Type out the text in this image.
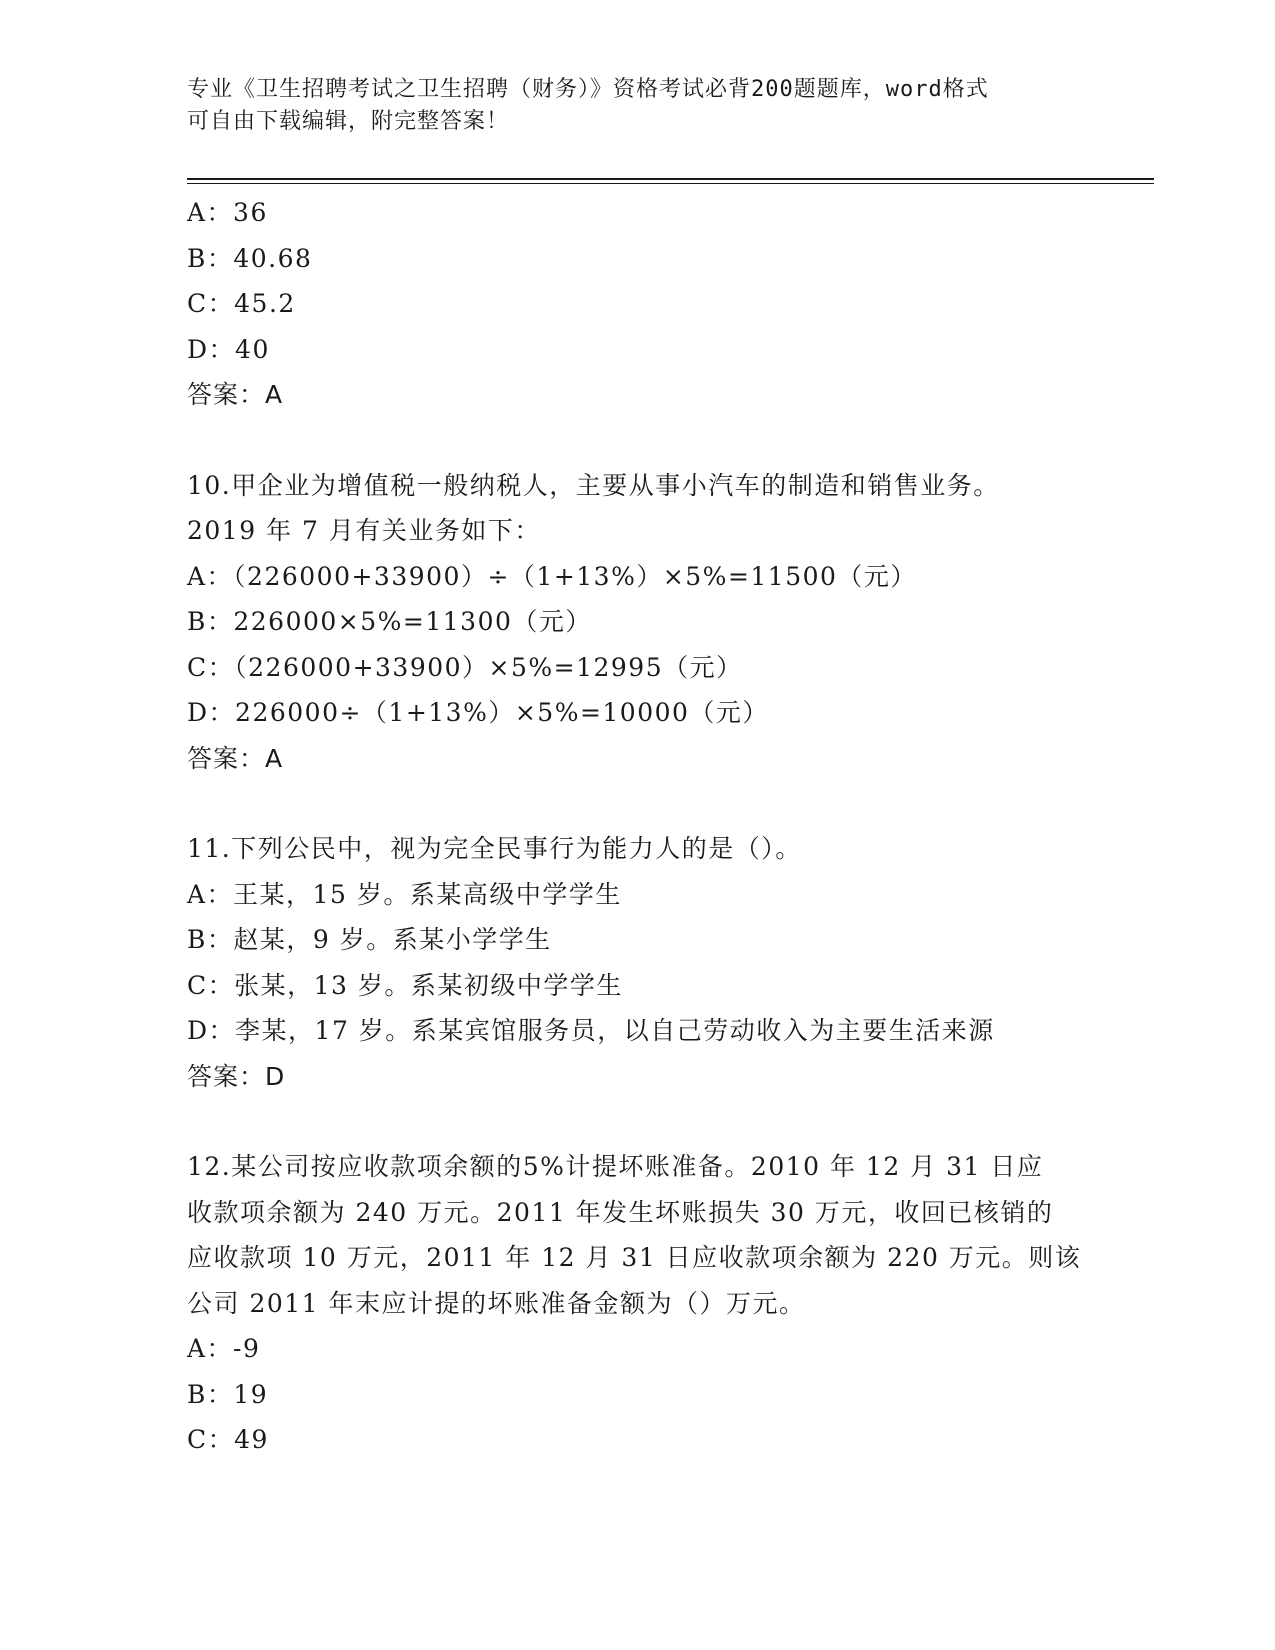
专业《卫生招聘考试之卫生招聘（财务）》资格考试必背200题题库，word格式
可自由下载编辑，附完整答案！
A：36
B：40.68
C：45.2
D：40
答案：A
10.甲企业为增值税一般纳税人，主要从事小汽车的制造和销售业务。
2019 年 7 月有关业务如下：
A：（226000+33900）÷（1+13%）×5%=11500（元）
B：226000×5%=11300（元）
C：（226000+33900）×5%=12995（元）
D：226000÷（1+13%）×5%=10000（元）
答案：A
11.下列公民中，视为完全民事行为能力人的是（）。
A：王某，15 岁。系某高级中学学生
B：赵某，9 岁。系某小学学生
C：张某，13 岁。系某初级中学学生
D：李某，17 岁。系某宾馆服务员，以自己劳动收入为主要生活来源
答案：D
12.某公司按应收款项余额的5%计提坏账准备。2010 年 12 月 31 日应
收款项余额为 240 万元。2011 年发生坏账损失 30 万元，收回已核销的
应收款项 10 万元，2011 年 12 月 31 日应收款项余额为 220 万元。则该
公司 2011 年末应计提的坏账准备金额为（）万元。
A：-9
B：19
C：49
